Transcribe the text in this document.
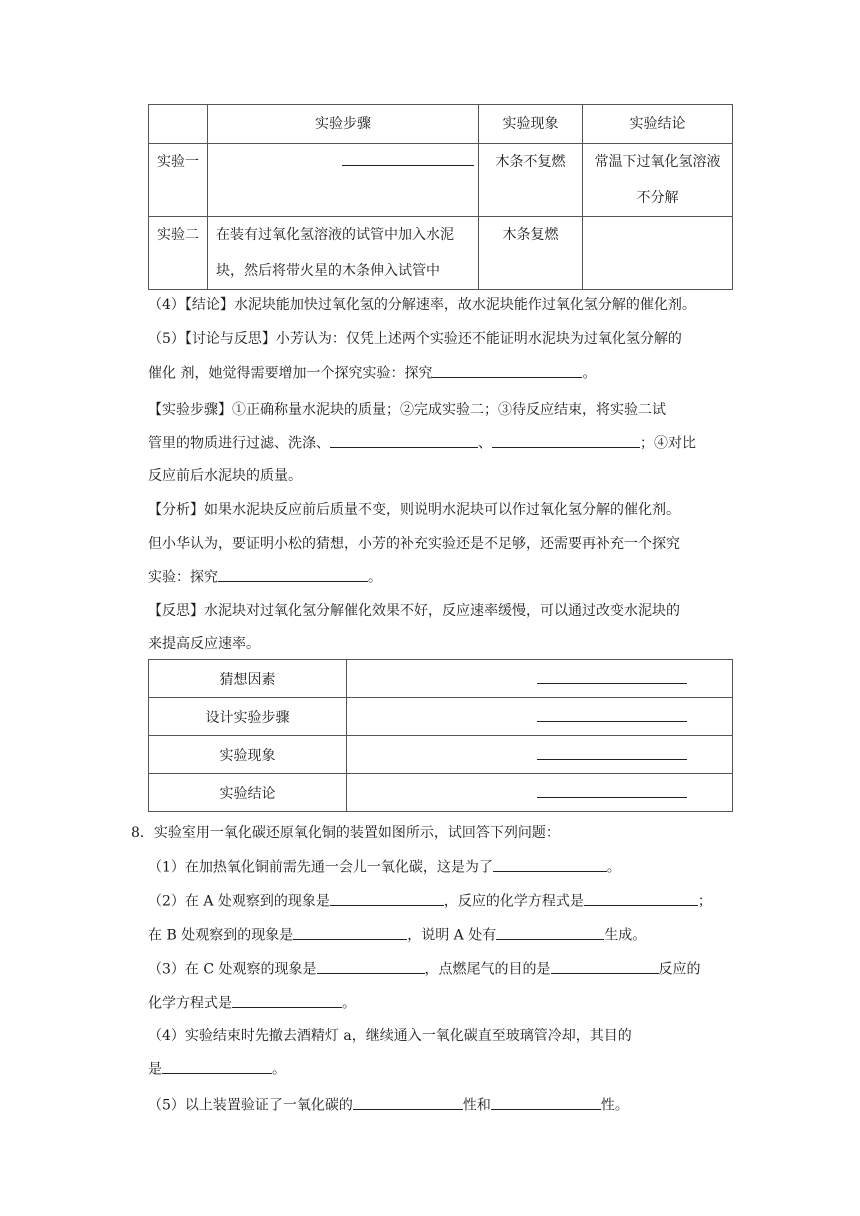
	实验步骤	实验现象	实验结论
实验一		木条不复燃	常温下过氧化氢溶液
不分解

实验二	在装有过氧化氢溶液的试管中加入水泥
块，然后将带火星的木条伸入试管中	木条复燃	
（4）【结论】水泥块能加快过氧化氢的分解速率，故水泥块能作过氧化氢分解的催化剂。
（5）【讨论与反思】小芳认为：仅凭上述两个实验还不能证明水泥块为过氧化氢分解的
催化 剂，她觉得需要增加一个探究实验：探究	。
【实验步骤】①正确称量水泥块的质量；②完成实验二；③待反应结束，将实验二试
管里的物质进行过滤、洗涤、	、	；④对比
反应前后水泥块的质量。
【分析】如果水泥块反应前后质量不变，则说明水泥块可以作过氧化氢分解的催化剂。
但小华认为，要证明小松的猜想，小芳的补充实验还是不足够，还需要再补充一个探究
实验：探究	。
【反思】水泥块对过氧化氢分解催化效果不好，反应速率缓慢，可以通过改变水泥块的
来提高反应速率。
猜想因素	
设计实验步骤	
实验现象	
实验结论	
8．实验室用一氧化碳还原氧化铜的装置如图所示，试回答下列问题：
（1）在加热氧化铜前需先通一会儿一氧化碳，这是为了	。
（2）在 A 处观察到的现象是	，反应的化学方程式是	；
在 B 处观察到的现象是	，说明 A 处有	生成。
（3）在 C 处观察的现象是	，点燃尾气的目的是	反应的
化学方程式是	。
（4）实验结束时先撤去酒精灯 a，继续通入一氧化碳直至玻璃管冷却，其目的
是	。
（5）以上装置验证了一氧化碳的	性和	性。
